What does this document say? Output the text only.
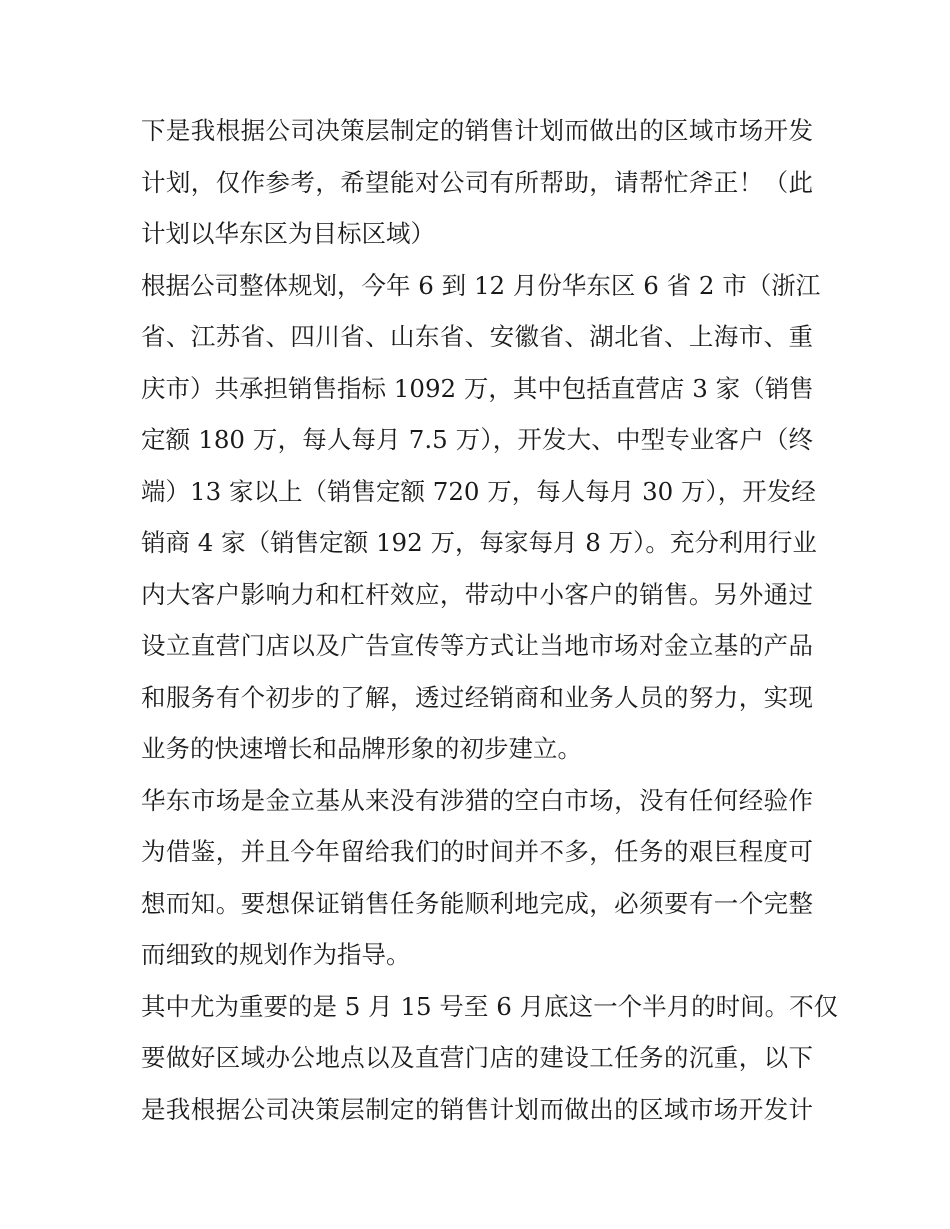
下是我根据公司决策层制定的销售计划而做出的区域市场开发
计划，仅作参考，希望能对公司有所帮助，请帮忙斧正！（此
计划以华东区为目标区域）
根据公司整体规划，今年 6 到 12 月份华东区 6 省 2 市（浙江
省、江苏省、四川省、山东省、安徽省、湖北省、上海市、重
庆市）共承担销售指标 1092 万，其中包括直营店 3 家（销售
定额 180 万，每人每月 7.5 万），开发大、中型专业客户（终
端）13 家以上（销售定额 720 万，每人每月 30 万），开发经
销商 4 家（销售定额 192 万，每家每月 8 万）。充分利用行业
内大客户影响力和杠杆效应，带动中小客户的销售。另外通过
设立直营门店以及广告宣传等方式让当地市场对金立基的产品
和服务有个初步的了解，透过经销商和业务人员的努力，实现
业务的快速增长和品牌形象的初步建立。
华东市场是金立基从来没有涉猎的空白市场，没有任何经验作
为借鉴，并且今年留给我们的时间并不多，任务的艰巨程度可
想而知。要想保证销售任务能顺利地完成，必须要有一个完整
而细致的规划作为指导。
其中尤为重要的是 5 月 15 号至 6 月底这一个半月的时间。不仅
要做好区域办公地点以及直营门店的建设工任务的沉重，以下
是我根据公司决策层制定的销售计划而做出的区域市场开发计
